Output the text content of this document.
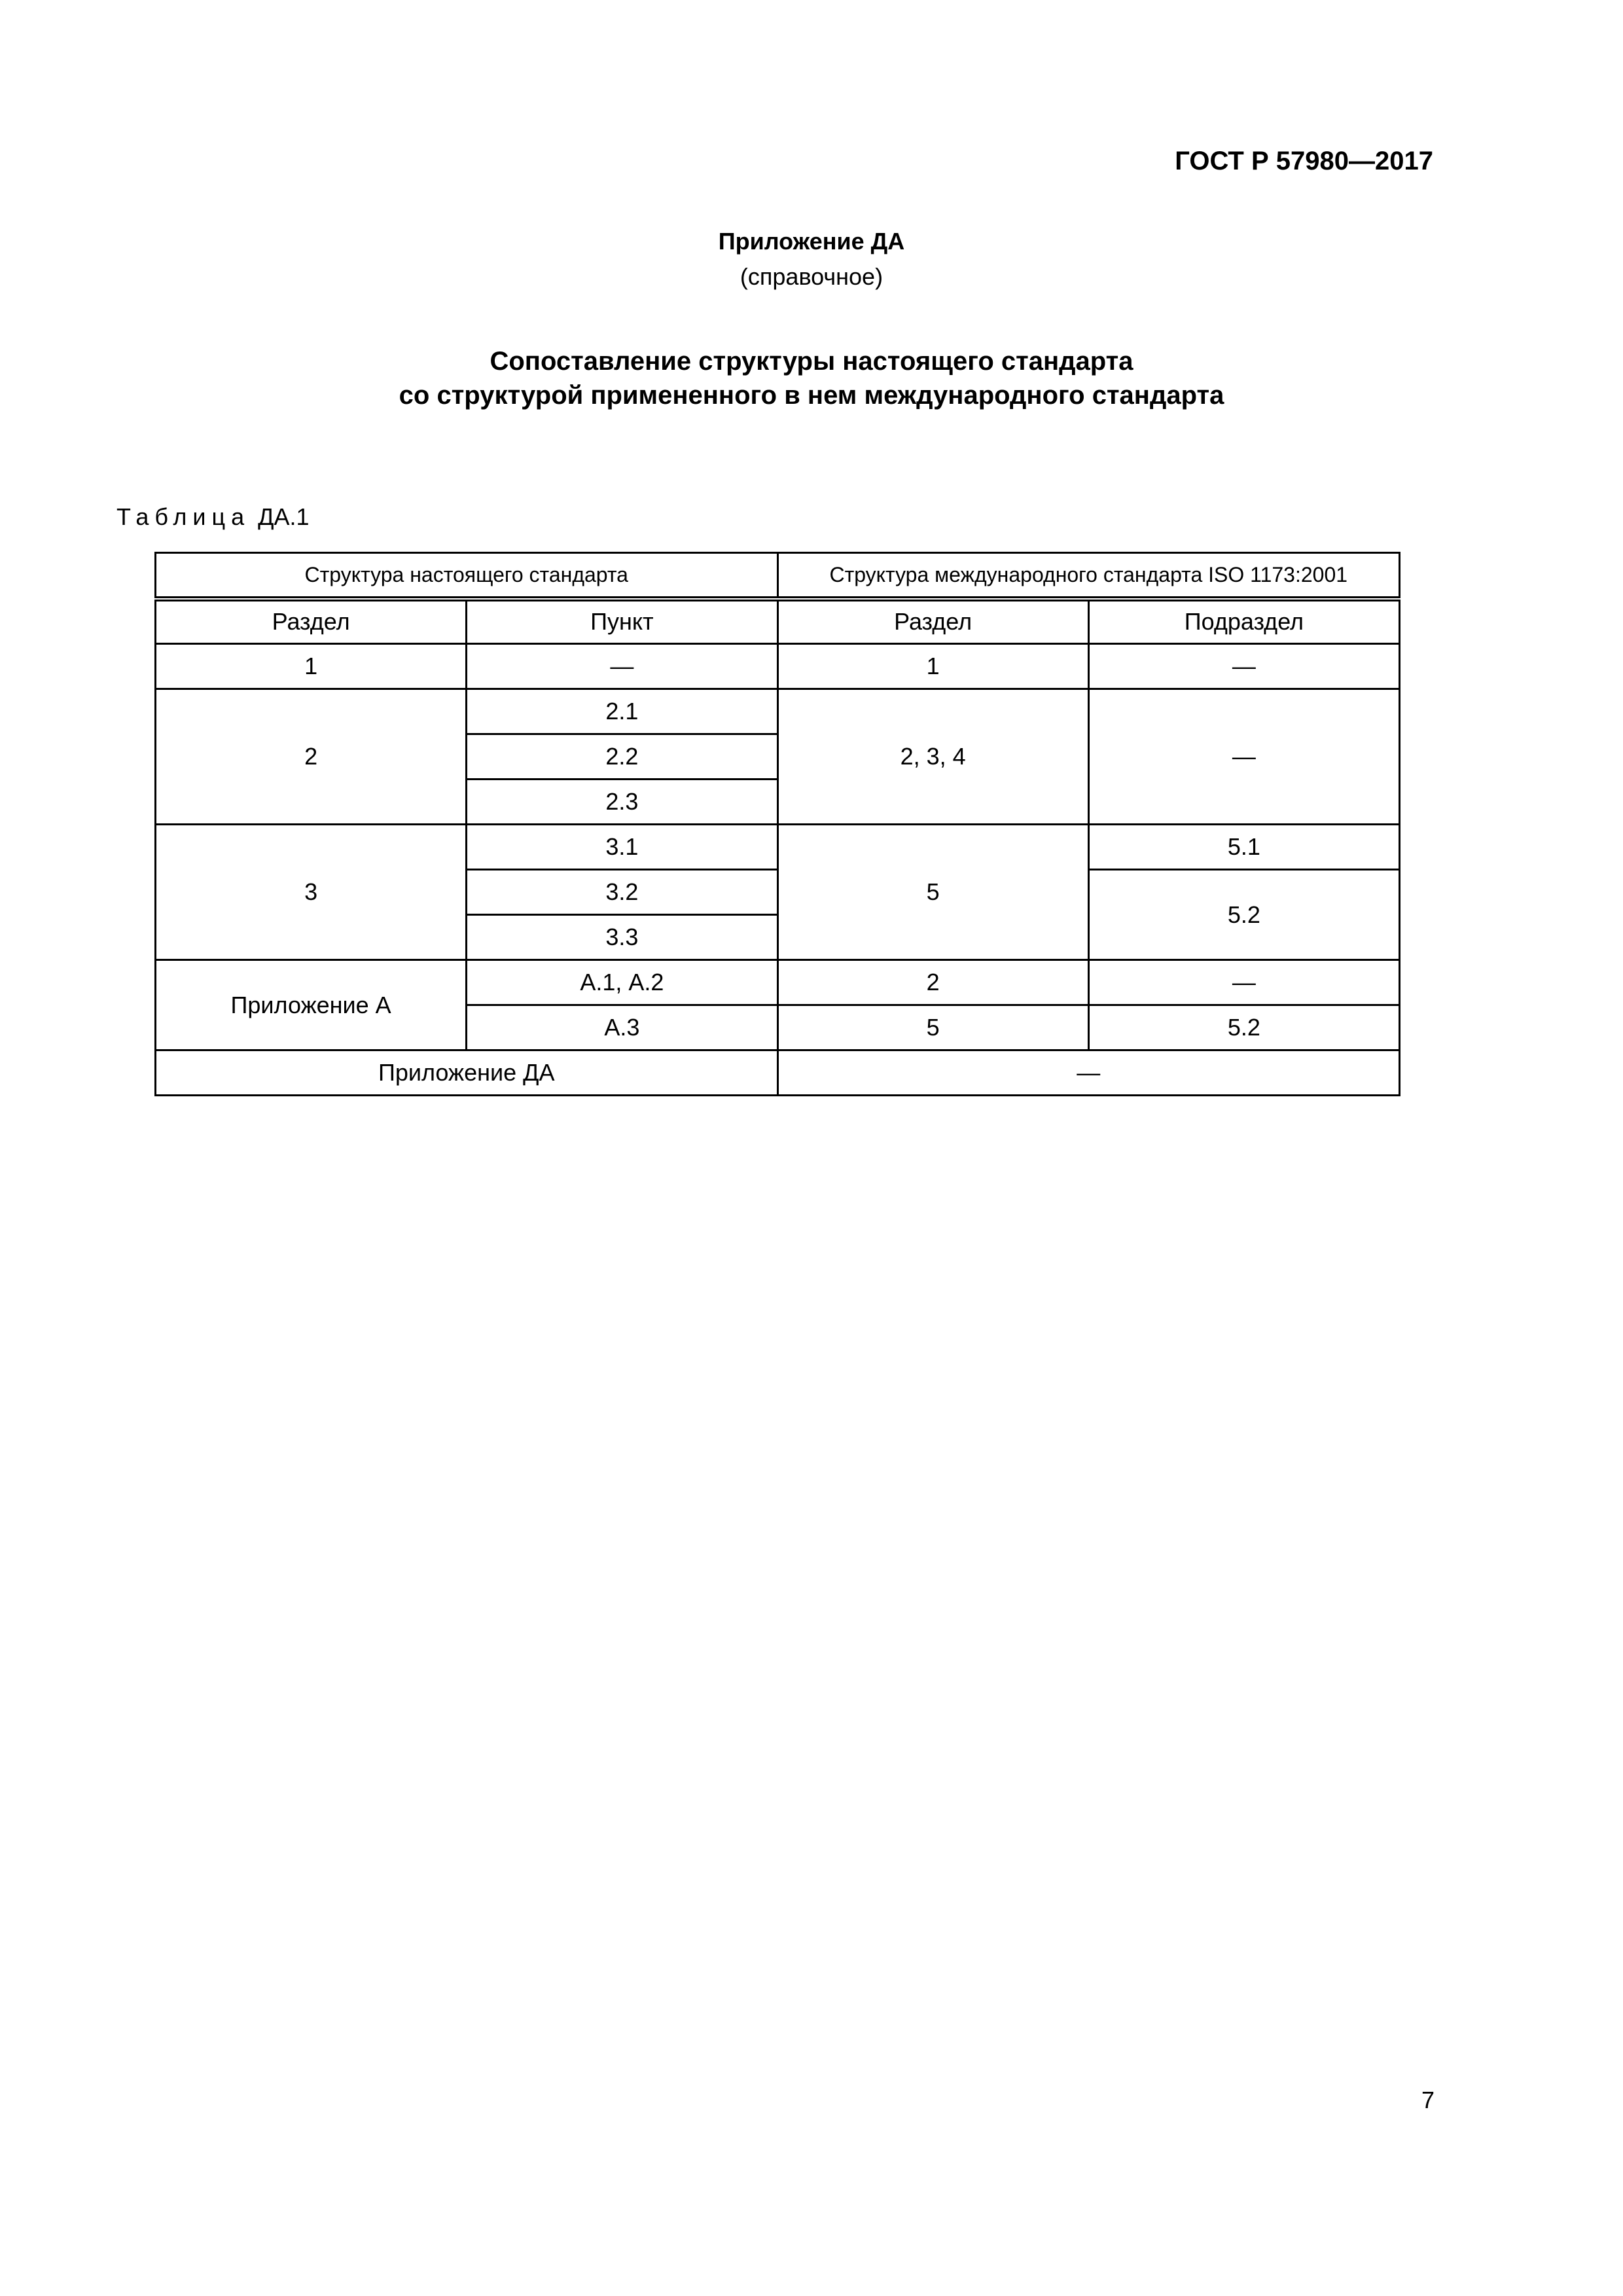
ГОСТ Р 57980—2017
Приложение ДА
(справочное)
Сопоставление структуры настоящего стандарта
со структурой примененного в нем международного стандарта
Таблица ДА.1
Структура настоящего стандарта		Структура международного стандарта ISO 1173:2001	
Раздел	Пункт	Раздел	Подраздел
1	—	1	—
2	2.1	2, 3, 4	—
	2.2		
	2.3		
3	3.1	5	5.1
	3.2		5.2
	3.3		
Приложение А	А.1, А.2	2	—
	А.3	5	5.2
Приложение ДА		—	
7
